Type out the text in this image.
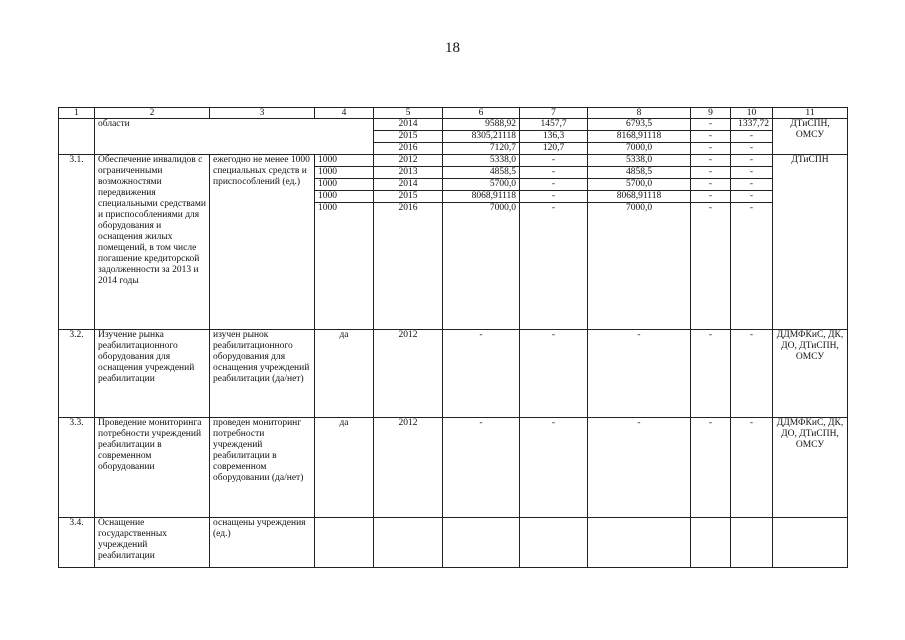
18
1	2	3	4	5	6	7	8	9	10	11
	области			2014	9588,92	1457,7	6793,5	-	1337,72	ДТиСПН, ОМСУ
				2015	8305,21118	136,3	8168,91118	-	-	
				2016	7120,7	120,7	7000,0	-	-	
3.1.	Обеспечение инвалидов с ограниченными возможностями передвижения специальными средствами и приспособлениями для оборудования и оснащения жилых помещений, в том числе погашение кредиторской задолженности за 2013 и 2014 годы	ежегодно не менее 1000 специальных средств и приспособлений (ед.)	1000	2012	5338,0	-	5338,0	-	-	ДТиСПН
			1000	2013	4858,5	-	4858,5	-	-	
			1000	2014	5700,0	-	5700,0	-	-	
			1000	2015	8068,91118	-	8068,91118	-	-	
			1000	2016	7000,0	-	7000,0	-	-	
3.2.	Изучение рынка реабилитационного оборудования для оснащения учреждений реабилитации	изучен рынок реабилитационного оборудования для оснащения учреждений реабилитации (да/нет)	да	2012	-	-	-	-	-	ДДМФКиС, ДК, ДО, ДТиСПН, ОМСУ
3.3.	Проведение мониторинга потребности учреждений реабилитации в современном оборудовании	проведен мониторинг потребности учреждений реабилитации в современном оборудовании (да/нет)	да	2012	-	-	-	-	-	ДДМФКиС, ДК, ДО, ДТиСПН, ОМСУ
3.4.	Оснащение государственных учреждений реабилитации	оснащены учреждения (ед.)								
